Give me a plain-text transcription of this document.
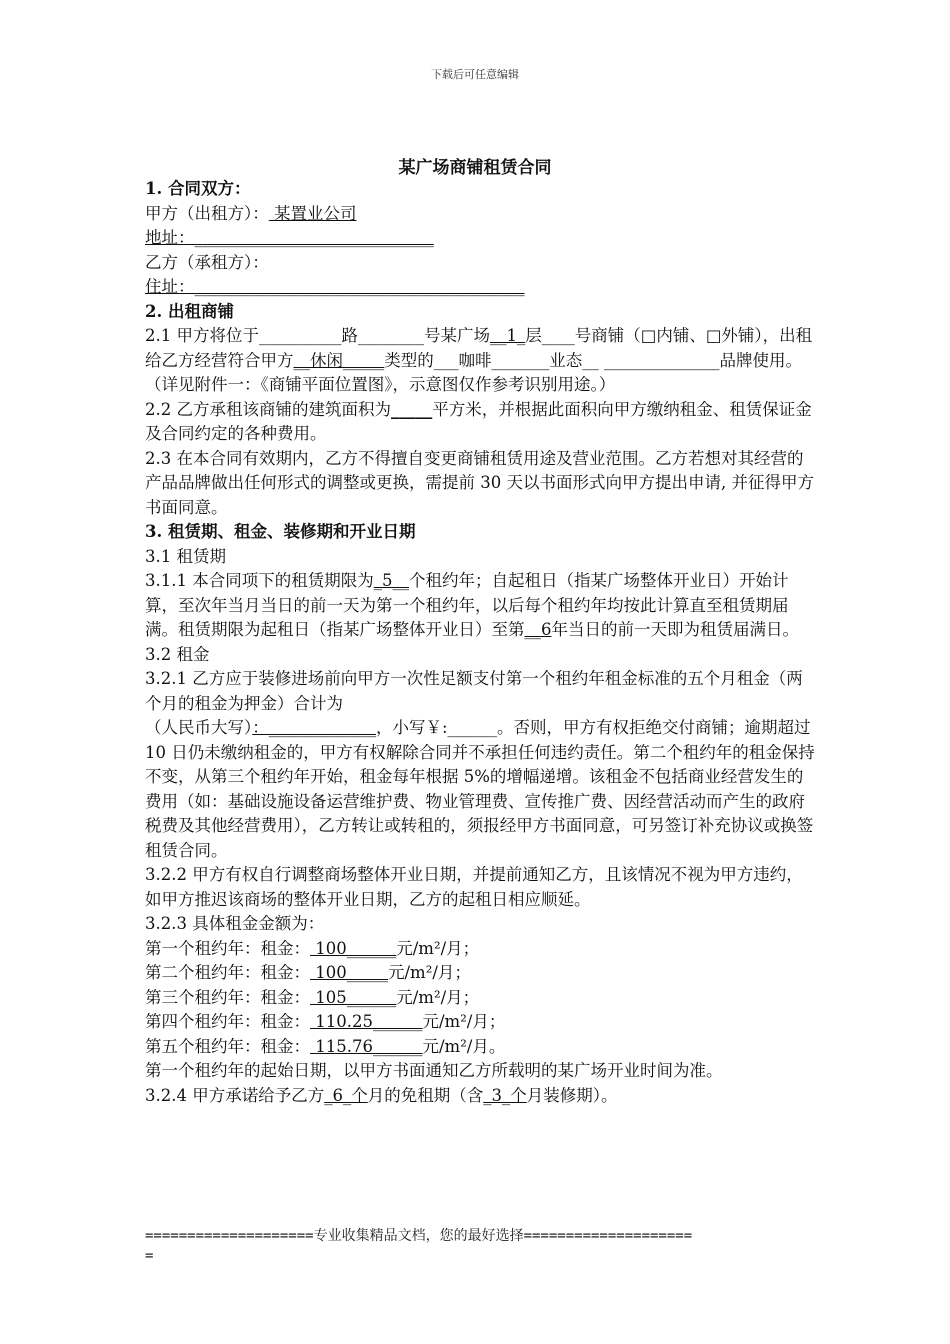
下载后可任意编辑
某广场商铺租赁合同

1. 合同双方：

甲方（出租方）： 某置业公司

地址：_____________________________

乙方（承租方）：

住址：________________________________________

2. 出租商铺

2.1 甲方将位于__________路________号某广场__1_层____号商铺（□内铺、□外铺），出租给乙方经营符合甲方__休闲_____类型的___咖啡_______业态__ ______________品牌使用。（详见附件一：《商铺平面位置图》，示意图仅作参考识别用途。）

2.2 乙方承租该商铺的建筑面积为_____平方米，并根据此面积向甲方缴纳租金、租赁保证金及合同约定的各种费用。

2.3 在本合同有效期内，乙方不得擅自变更商铺租赁用途及营业范围。乙方若想对其经营的产品品牌做出任何形式的调整或更换，需提前 30 天以书面形式向甲方提出申请, 并征得甲方书面同意。

3. 租赁期、租金、装修期和开业日期

3.1 租赁期

3.1.1 本合同项下的租赁期限为_5__个租约年；自起租日（指某广场整体开业日）开始计算，至次年当月当日的前一天为第一个租约年，以后每个租约年均按此计算直至租赁期届满。租赁期限为起租日（指某广场整体开业日）至第__6年当日的前一天即为租赁届满日。

3.2 租金

3.2.1 乙方应于装修进场前向甲方一次性足额支付第一个租约年租金标准的五个月租金（两个月的租金为押金）合计为
（人民币大写）：_____________，小写￥:______。否则，甲方有权拒绝交付商铺；逾期超过 10 日仍未缴纳租金的，甲方有权解除合同并不承担任何违约责任。第二个租约年的租金保持不变，从第三个租约年开始，租金每年根据 5%的增幅递增。该租金不包括商业经营发生的费用（如：基础设施设备运营维护费、物业管理费、宣传推广费、因经营活动而产生的政府税费及其他经营费用），乙方转让或转租的，须报经甲方书面同意，可另签订补充协议或换签租赁合同。

3.2.2 甲方有权自行调整商场整体开业日期，并提前通知乙方，且该情况不视为甲方违约，如甲方推迟该商场的整体开业日期，乙方的起租日相应顺延。

3.2.3 具体租金金额为：

第一个租约年：租金： 100______元/m²/月；

第二个租约年：租金： 100_____元/m²/月；

第三个租约年：租金： 105______元/m²/月；

第四个租约年：租金： 110.25______元/m²/月；

第五个租约年：租金： 115.76______元/m²/月。

第一个租约年的起始日期，以甲方书面通知乙方所载明的某广场开业时间为准。

3.2.4 甲方承诺给予乙方_6_个月的免租期（含_3_个月装修期）。

====================专业收集精品文档，您的最好选择====================
=
